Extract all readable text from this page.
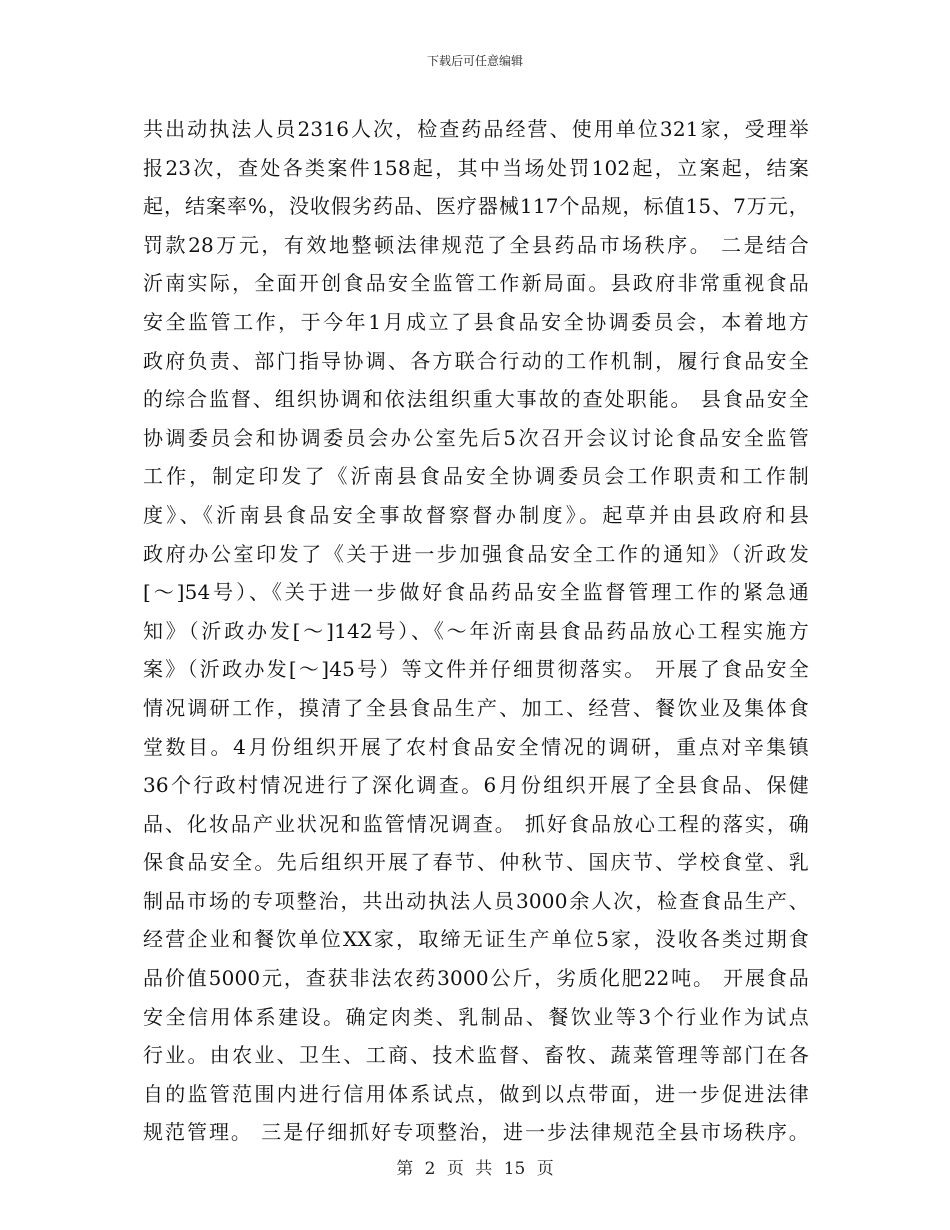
下载后可任意编辑
共出动执法人员2316人次，检查药品经营、使用单位321家，受理举
报23次，查处各类案件158起，其中当场处罚102起，立案起，结案
起，结案率%，没收假劣药品、医疗器械117个品规，标值15、7万元，
罚款28万元，有效地整顿法律规范了全县药品市场秩序。 二是结合
沂南实际，全面开创食品安全监管工作新局面。县政府非常重视食品
安全监管工作，于今年1月成立了县食品安全协调委员会，本着地方
政府负责、部门指导协调、各方联合行动的工作机制，履行食品安全
的综合监督、组织协调和依法组织重大事故的查处职能。 县食品安全
协调委员会和协调委员会办公室先后5次召开会议讨论食品安全监管
工作，制定印发了《沂南县食品安全协调委员会工作职责和工作制
度》、《沂南县食品安全事故督察督办制度》。起草并由县政府和县
政府办公室印发了《关于进一步加强食品安全工作的通知》（沂政发
[～]54号）、《关于进一步做好食品药品安全监督管理工作的紧急通
知》（沂政办发[～]142号）、《～年沂南县食品药品放心工程实施方
案》（沂政办发[～]45号）等文件并仔细贯彻落实。 开展了食品安全
情况调研工作，摸清了全县食品生产、加工、经营、餐饮业及集体食
堂数目。4月份组织开展了农村食品安全情况的调研，重点对辛集镇
36个行政村情况进行了深化调查。6月份组织开展了全县食品、保健
品、化妆品产业状况和监管情况调查。 抓好食品放心工程的落实，确
保食品安全。先后组织开展了春节、仲秋节、国庆节、学校食堂、乳
制品市场的专项整治，共出动执法人员3000余人次，检查食品生产、
经营企业和餐饮单位XX家，取缔无证生产单位5家，没收各类过期食
品价值5000元，查获非法农药3000公斤，劣质化肥22吨。 开展食品
安全信用体系建设。确定肉类、乳制品、餐饮业等3个行业作为试点
行业。由农业、卫生、工商、技术监督、畜牧、蔬菜管理等部门在各
自的监管范围内进行信用体系试点，做到以点带面，进一步促进法律
规范管理。 三是仔细抓好专项整治，进一步法律规范全县市场秩序。
第 2 页 共 15 页
